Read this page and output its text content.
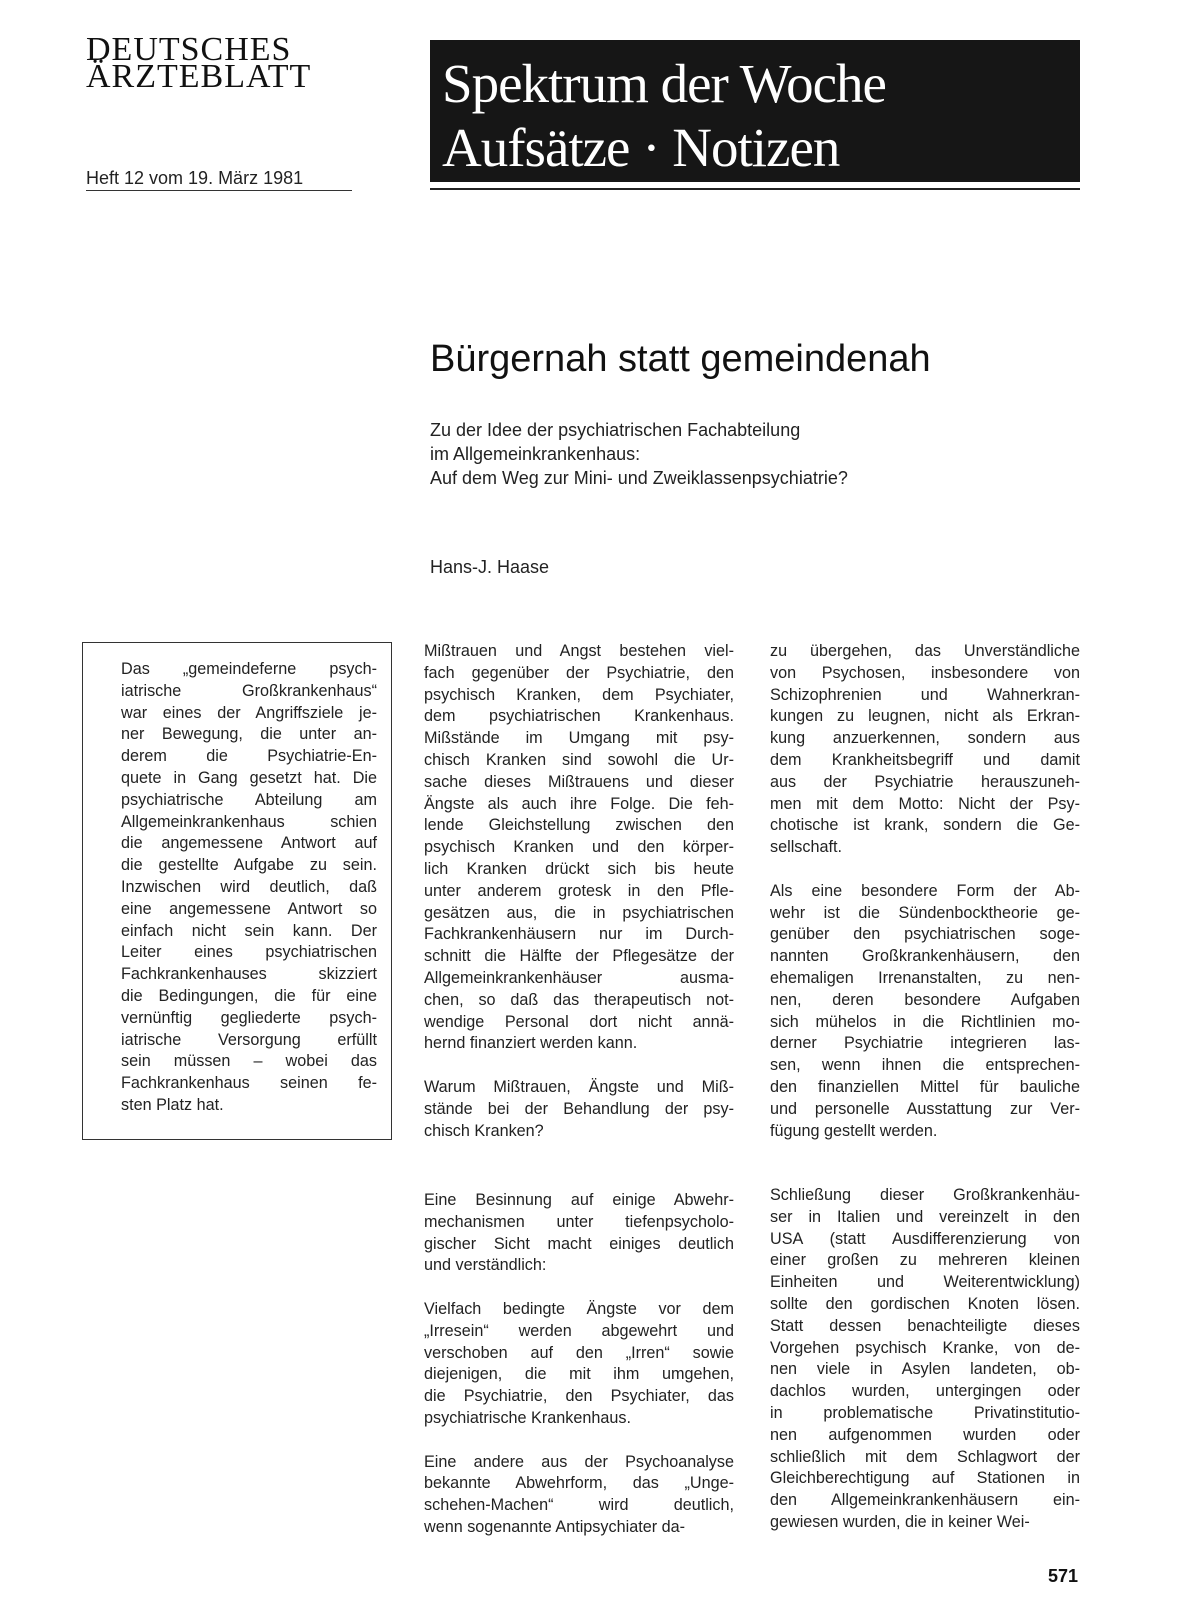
DEUTSCHES
ÄRZTEBLATT
Heft 12 vom 19. März 1981
Spektrum der Woche
Aufsätze · Notizen
Bürgernah statt gemeindenah
Zu der Idee der psychiatrischen Fachabteilung
im Allgemeinkrankenhaus:
Auf dem Weg zur Mini- und Zweiklassenpsychiatrie?
Hans-J. Haase
Das „gemeindeferne psych-
iatrische Großkrankenhaus“
war eines der Angriffsziele je-
ner Bewegung, die unter an-
derem die Psychiatrie-En-
quete in Gang gesetzt hat. Die
psychiatrische Abteilung am
Allgemeinkrankenhaus schien
die angemessene Antwort auf
die gestellte Aufgabe zu sein.
Inzwischen wird deutlich, daß
eine angemessene Antwort so
einfach nicht sein kann. Der
Leiter eines psychiatrischen
Fachkrankenhauses skizziert
die Bedingungen, die für eine
vernünftig gegliederte psych-
iatrische Versorgung erfüllt
sein müssen – wobei das
Fachkrankenhaus seinen fe-
sten Platz hat.
Mißtrauen und Angst bestehen viel-
fach gegenüber der Psychiatrie, den
psychisch Kranken, dem Psychiater,
dem psychiatrischen Krankenhaus.
Mißstände im Umgang mit psy-
chisch Kranken sind sowohl die Ur-
sache dieses Mißtrauens und dieser
Ängste als auch ihre Folge. Die feh-
lende Gleichstellung zwischen den
psychisch Kranken und den körper-
lich Kranken drückt sich bis heute
unter anderem grotesk in den Pfle-
gesätzen aus, die in psychiatrischen
Fachkrankenhäusern nur im Durch-
schnitt die Hälfte der Pflegesätze der
Allgemeinkrankenhäuser ausma-
chen, so daß das therapeutisch not-
wendige Personal dort nicht annä-
hernd finanziert werden kann.
Warum Mißtrauen, Ängste und Miß-
stände bei der Behandlung der psy-
chisch Kranken?
Eine Besinnung auf einige Abwehr-
mechanismen unter tiefenpsycholo-
gischer Sicht macht einiges deutlich
und verständlich:
Vielfach bedingte Ängste vor dem
„Irresein“ werden abgewehrt und
verschoben auf den „Irren“ sowie
diejenigen, die mit ihm umgehen,
die Psychiatrie, den Psychiater, das
psychiatrische Krankenhaus.
Eine andere aus der Psychoanalyse
bekannte Abwehrform, das „Unge-
schehen-Machen“ wird deutlich,
wenn sogenannte Antipsychiater da-
zu übergehen, das Unverständliche
von Psychosen, insbesondere von
Schizophrenien und Wahnerkran-
kungen zu leugnen, nicht als Erkran-
kung anzuerkennen, sondern aus
dem Krankheitsbegriff und damit
aus der Psychiatrie herauszuneh-
men mit dem Motto: Nicht der Psy-
chotische ist krank, sondern die Ge-
sellschaft.
Als eine besondere Form der Ab-
wehr ist die Sündenbocktheorie ge-
genüber den psychiatrischen soge-
nannten Großkrankenhäusern, den
ehemaligen Irrenanstalten, zu nen-
nen, deren besondere Aufgaben
sich mühelos in die Richtlinien mo-
derner Psychiatrie integrieren las-
sen, wenn ihnen die entsprechen-
den finanziellen Mittel für bauliche
und personelle Ausstattung zur Ver-
fügung gestellt werden.
Schließung dieser Großkrankenhäu-
ser in Italien und vereinzelt in den
USA (statt Ausdifferenzierung von
einer großen zu mehreren kleinen
Einheiten und Weiterentwicklung)
sollte den gordischen Knoten lösen.
Statt dessen benachteiligte dieses
Vorgehen psychisch Kranke, von de-
nen viele in Asylen landeten, ob-
dachlos wurden, untergingen oder
in problematische Privatinstitutio-
nen aufgenommen wurden oder
schließlich mit dem Schlagwort der
Gleichberechtigung auf Stationen in
den Allgemeinkrankenhäusern ein-
gewiesen wurden, die in keiner Wei-
571
